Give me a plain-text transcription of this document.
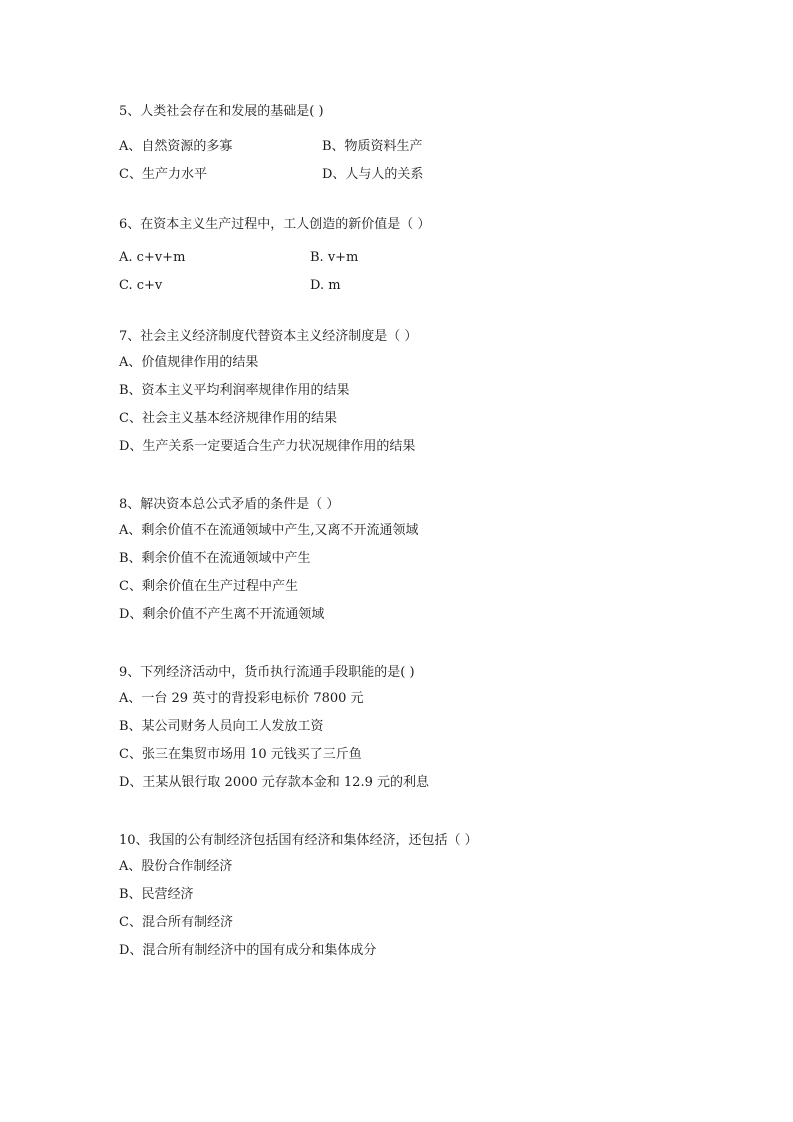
5、人类社会存在和发展的基础是( )
A、自然资源的多寡	B、物质资料生产
C、生产力水平	D、人与人的关系
6、在资本主义生产过程中，工人创造的新价值是（ ）
A. c+v+m	B. v+m
C. c+v	D. m
7、社会主义经济制度代替资本主义经济制度是（ ）
A、价值规律作用的结果
B、资本主义平均利润率规律作用的结果
C、社会主义基本经济规律作用的结果
D、生产关系一定要适合生产力状况规律作用的结果
8、解决资本总公式矛盾的条件是（ ）
A、剩余价值不在流通领域中产生,又离不开流通领域
B、剩余价值不在流通领域中产生
C、剩余价值在生产过程中产生
D、剩余价值不产生离不开流通领域
9、下列经济活动中，货币执行流通手段职能的是( )
A、一台 29 英寸的背投彩电标价 7800 元
B、某公司财务人员向工人发放工资
C、张三在集贸市场用 10 元钱买了三斤鱼
D、王某从银行取 2000 元存款本金和 12.9 元的利息
10、我国的公有制经济包括国有经济和集体经济，还包括（ ）
A、股份合作制经济
B、民营经济
C、混合所有制经济
D、混合所有制经济中的国有成分和集体成分
